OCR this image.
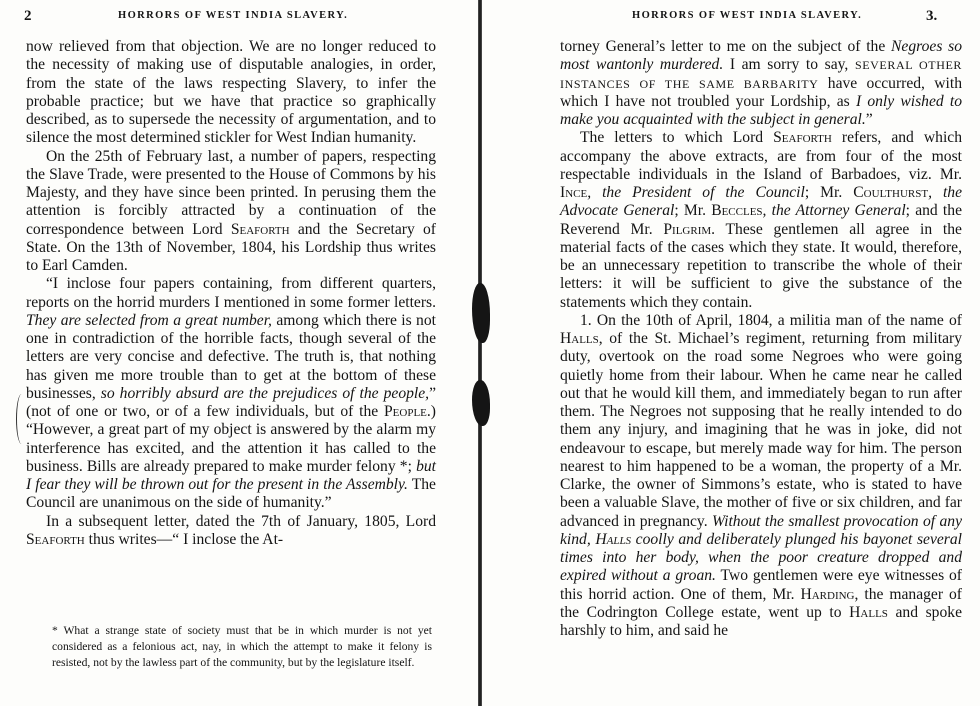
2	HORRORS OF WEST INDIA SLAVERY.

now relieved from that objection. We are no longer reduced to the necessity of making use of disputable analogies, in order, from the state of the laws respecting Slavery, to infer the probable practice; but we have that practice so graphically described, as to supersede the necessity of argumentation, and to silence the most determined stickler for West Indian humanity.

On the 25th of February last, a number of papers, respecting the Slave Trade, were presented to the House of Commons by his Majesty, and they have since been printed. In perusing them the attention is forcibly attracted by a continuation of the correspondence between Lord Seaforth and the Secretary of State. On the 13th of November, 1804, his Lordship thus writes to Earl Camden.

“I inclose four papers containing, from different quarters, reports on the horrid murders I mentioned in some former letters. They are selected from a great number, among which there is not one in contradiction of the horrible facts, though several of the letters are very concise and defective. The truth is, that nothing has given me more trouble than to get at the bottom of these businesses, so horribly absurd are the prejudices of the people,” (not of one or two, or of a few individuals, but of the People.) “However, a great part of my object is answered by the alarm my interference has excited, and the attention it has called to the business. Bills are already prepared to make murder felony *; but I fear they will be thrown out for the present in the Assembly. The Council are unanimous on the side of humanity.”

In a subsequent letter, dated the 7th of January, 1805, Lord Seaforth thus writes—“ I inclose the At-

* What a strange state of society must that be in which murder is not yet considered as a felonious act, nay, in which the attempt to make it felony is resisted, not by the lawless part of the community, but by the legislature itself.

HORRORS OF WEST INDIA SLAVERY.	3.

torney General’s letter to me on the subject of the Negroes so most wantonly murdered. I am sorry to say, SEVERAL OTHER INSTANCES OF THE SAME BARBARITY have occurred, with which I have not troubled your Lordship, as I only wished to make you acquainted with the subject in general.”

The letters to which Lord Seaforth refers, and which accompany the above extracts, are from four of the most respectable individuals in the Island of Barbadoes, viz. Mr. Ince, the President of the Council; Mr. Coulthurst, the Advocate General; Mr. Beccles, the Attorney General; and the Reverend Mr. Pilgrim. These gentlemen all agree in the material facts of the cases which they state. It would, therefore, be an unnecessary repetition to transcribe the whole of their letters: it will be sufficient to give the substance of the statements which they contain.

1. On the 10th of April, 1804, a militia man of the name of Halls, of the St. Michael’s regiment, returning from military duty, overtook on the road some Negroes who were going quietly home from their labour. When he came near he called out that he would kill them, and immediately began to run after them. The Negroes not supposing that he really intended to do them any injury, and imagining that he was in joke, did not endeavour to escape, but merely made way for him. The person nearest to him happened to be a woman, the property of a Mr. Clarke, the owner of Simmons’s estate, who is stated to have been a valuable Slave, the mother of five or six children, and far advanced in pregnancy. Without the smallest provocation of any kind, Halls coolly and deliberately plunged his bayonet several times into her body, when the poor creature dropped and expired without a groan. Two gentlemen were eye witnesses of this horrid action. One of them, Mr. Harding, the manager of the Codrington College estate, went up to Halls and spoke harshly to him, and said he
